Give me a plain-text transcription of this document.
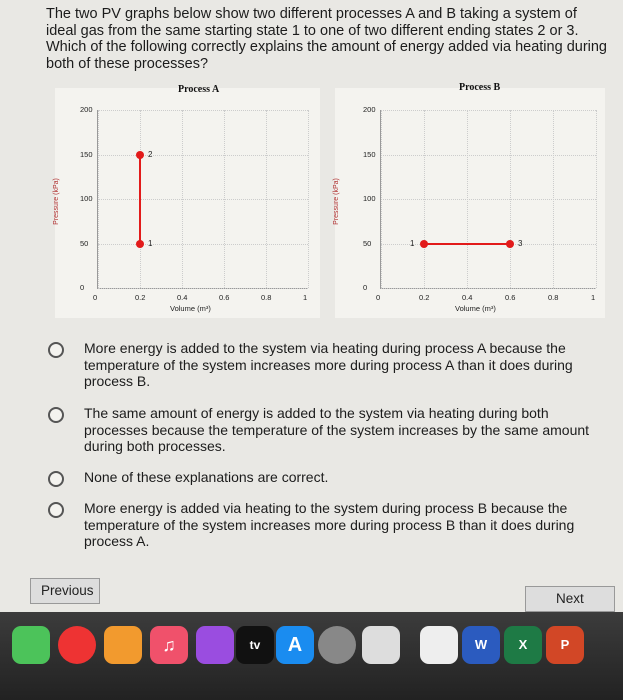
The two PV graphs below show two different processes A and B taking a system of ideal gas from the same starting state 1 to one of two different ending states 2 or 3. Which of the following correctly explains the amount of energy added via heating during both of these processes?
Process A
Pressure (kPa)
0	0.2	0.4	0.6	0.8	1
0
50
100
150
200
1
2
Volume (m³)
Process B
Pressure (kPa)
0	0.2	0.4	0.6	0.8	1
0
50
100
150
200
1	3
Volume (m³)
More energy is added to the system via heating during process A because the temperature of the system increases more during process A than it does during process B.
The same amount of energy is added to the system via heating during both processes because the temperature of the system increases by the same amount during both processes.
None of these explanations are correct.
More energy is added via heating to the system during process B because the temperature of the system increases more during process B than it does during process A.
Previous
Next
♫	tv	A	W	X	P
